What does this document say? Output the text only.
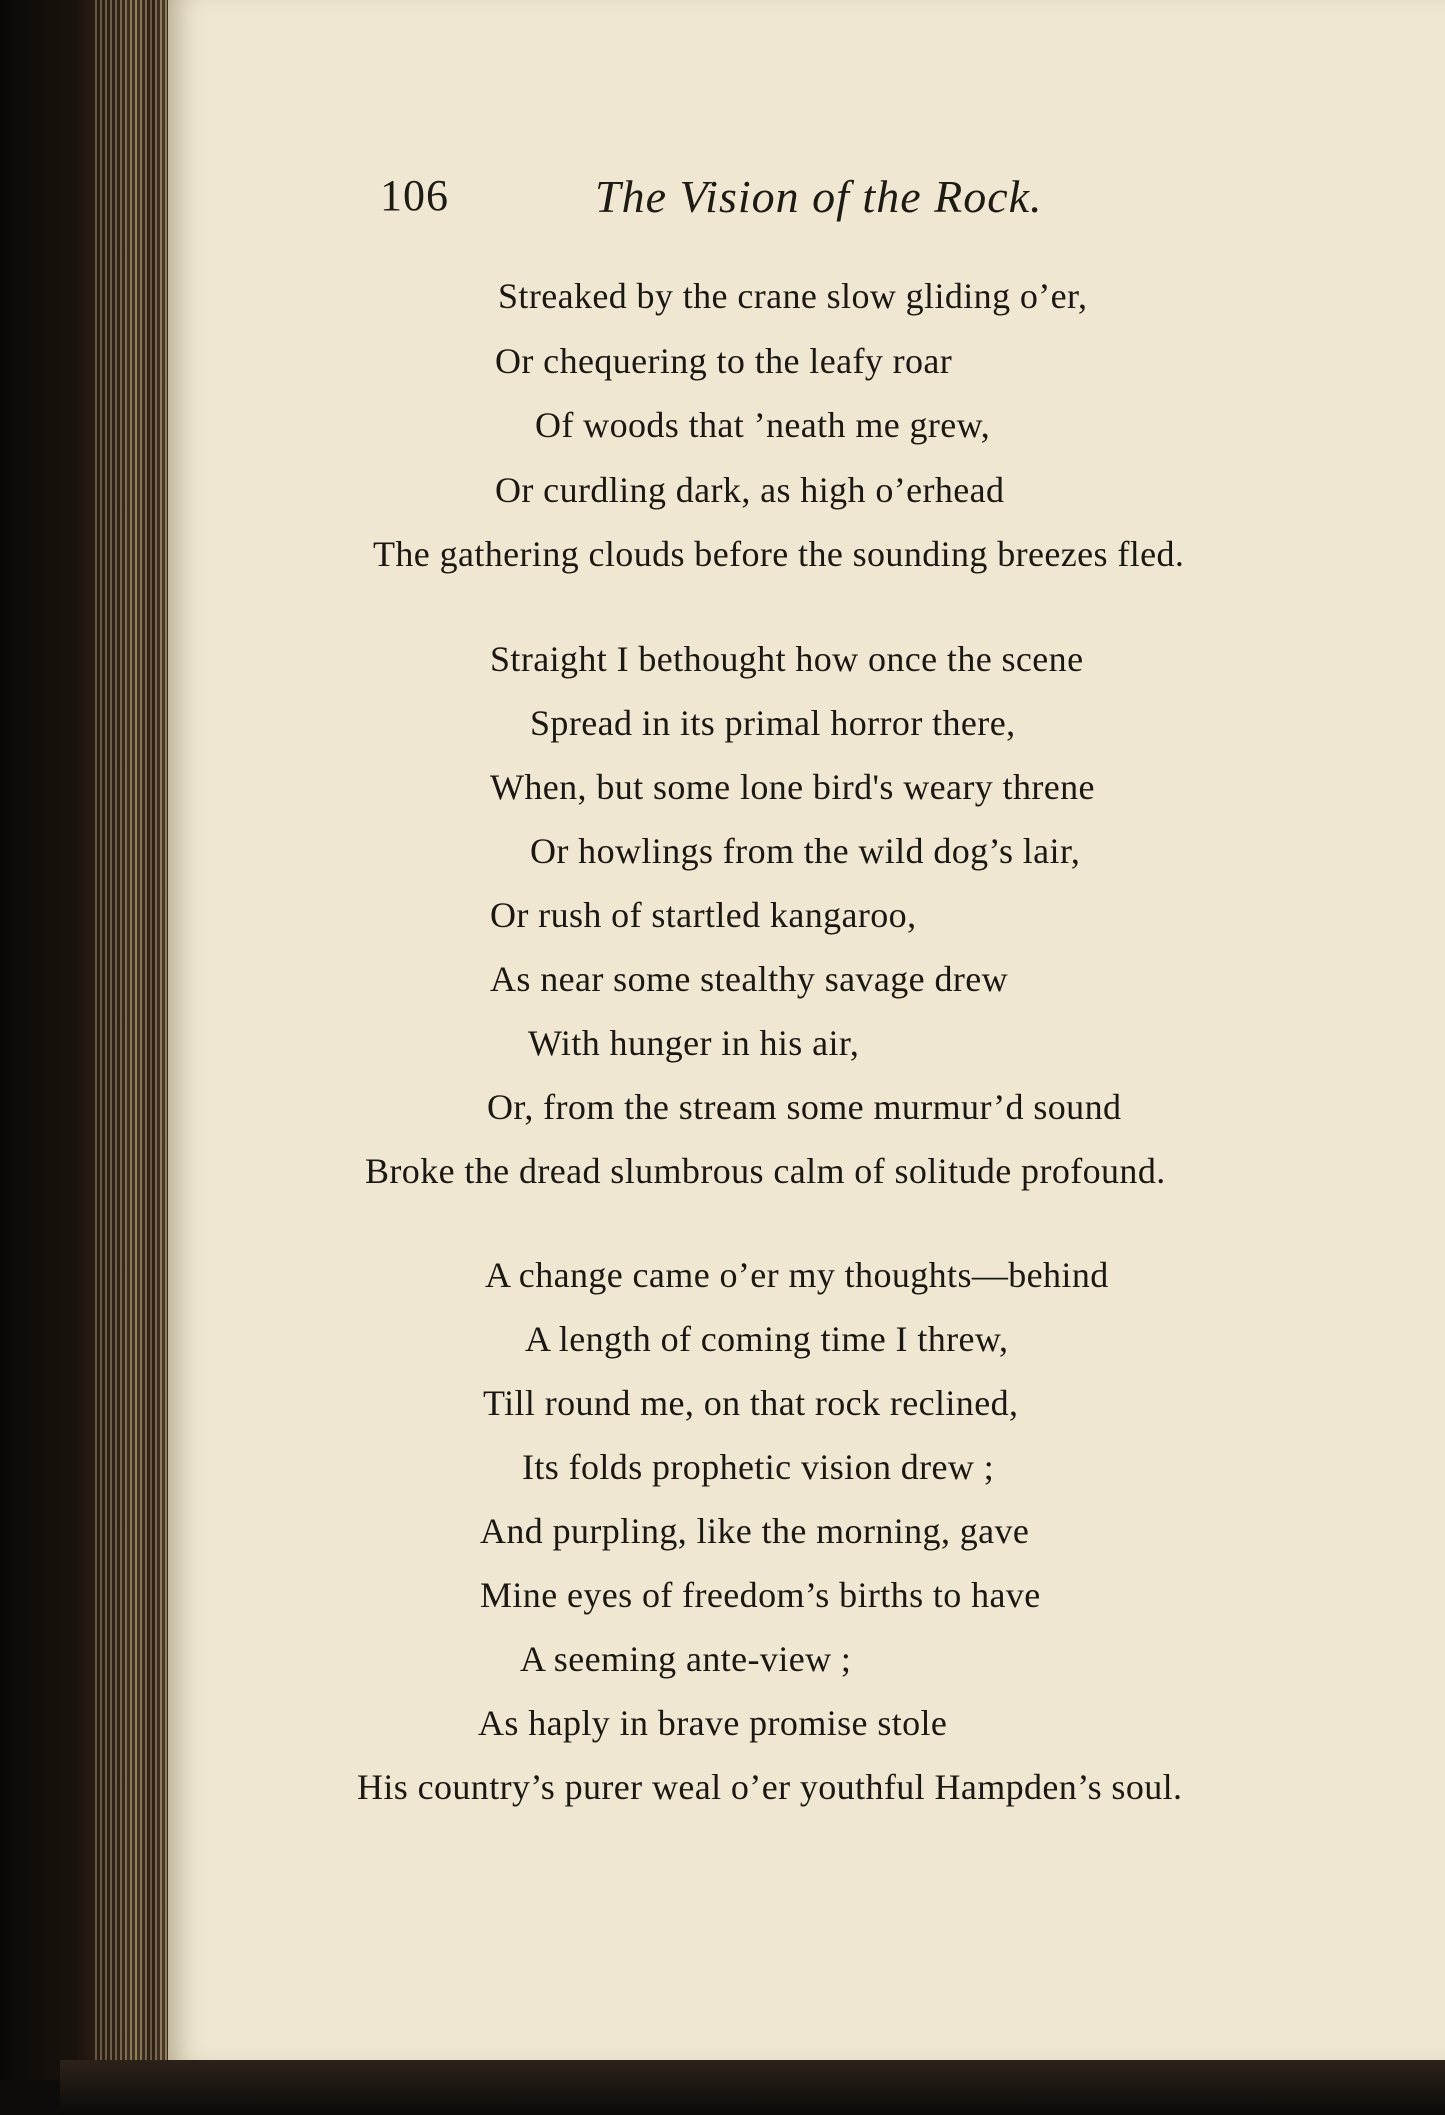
106	The Vision of the Rock.
Streaked by the crane slow gliding o’er,
Or chequering to the leafy roar
Of woods that ’neath me grew,
Or curdling dark, as high o’erhead
The gathering clouds before the sounding breezes fled.
Straight I bethought how once the scene
Spread in its primal horror there,
When, but some lone bird's weary threne
Or howlings from the wild dog’s lair,
Or rush of startled kangaroo,
As near some stealthy savage drew
With hunger in his air,
Or, from the stream some murmur’d sound
Broke the dread slumbrous calm of solitude profound.
A change came o’er my thoughts—behind
A length of coming time I threw,
Till round me, on that rock reclined,
Its folds prophetic vision drew ;
And purpling, like the morning, gave
Mine eyes of freedom’s births to have
A seeming ante-view ;
As haply in brave promise stole
His country’s purer weal o’er youthful Hampden’s soul.
